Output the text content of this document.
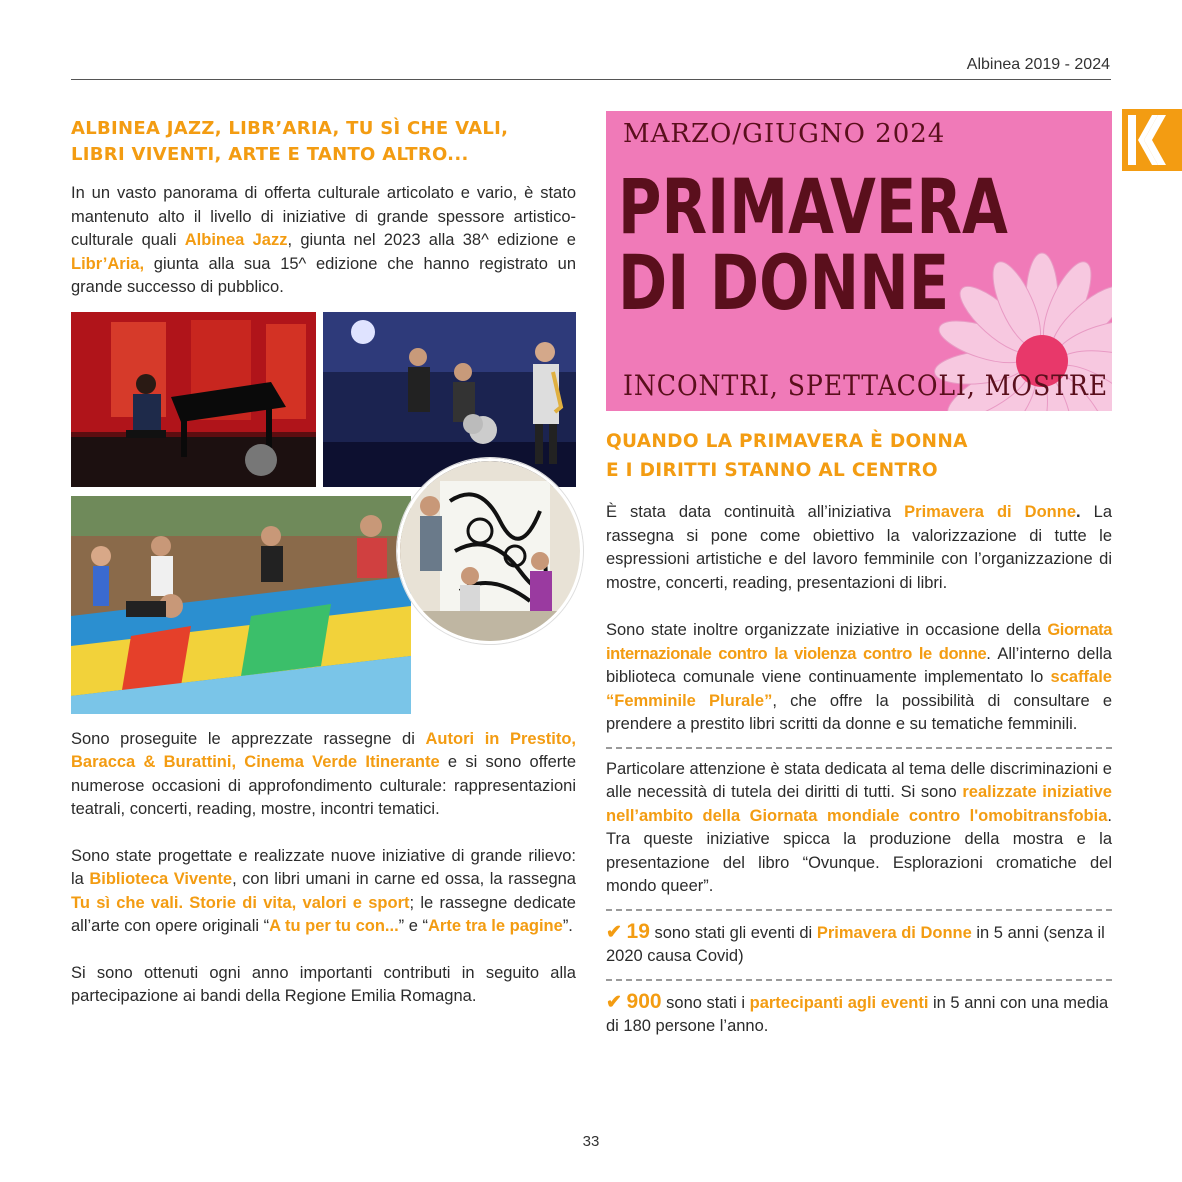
Albinea 2019 - 2024
ALBINEA JAZZ, LIBR’ARIA, TU SÌ CHE VALI,
LIBRI VIVENTI, ARTE E TANTO ALTRO...

In un vasto panorama di offerta culturale articolato e vario, è stato mantenuto alto il livello di iniziative di grande spessore artistico-culturale quali Albinea Jazz, giunta nel 2023 alla 38^ edizione e Libr’Aria, giunta alla sua 15^ edizione che hanno registrato un grande successo di pubblico.

Sono proseguite le apprezzate rassegne di Autori in Prestito, Baracca & Burattini, Cinema Verde Itinerante e si sono offerte numerose occasioni di approfondimento culturale: rappresentazioni teatrali, concerti, reading, mostre, incontri tematici.

Sono state progettate e realizzate nuove iniziative di grande rilievo: la Biblioteca Vivente, con libri umani in carne ed ossa, la rassegna Tu sì che vali. Storie di vita, valori e sport; le rassegne dedicate all’arte con opere originali “A tu per tu con...” e “Arte tra le pagine”.

Si sono ottenuti ogni anno importanti contributi in seguito alla partecipazione ai bandi della Regione Emilia Romagna.

MARZO/GIUGNO 2024
PRIMAVERA
DI DONNE
INCONTRI, SPETTACOLI, MOSTRE
QUANDO LA PRIMAVERA È DONNA
E I DIRITTI STANNO AL CENTRO

È stata data continuità all’iniziativa Primavera di Donne. La rassegna si pone come obiettivo la valorizzazione di tutte le espressioni artistiche e del lavoro femminile con l’organizzazione di mostre, concerti, reading, presentazioni di libri.

Sono state inoltre organizzate iniziative in occasione della Giornata internazionale contro la violenza contro le donne. All’interno della biblioteca comunale viene continuamente implementato lo scaffale “Femminile Plurale”, che offre la possibilità di consultare e prendere a prestito libri scritti da donne e su tematiche femminili.

Particolare attenzione è stata dedicata al tema delle discriminazioni e alle necessità di tutela dei diritti di tutti. Si sono realizzate iniziative nell’ambito della Giornata mondiale contro l'omobitransfobia. Tra queste iniziative spicca la produzione della mostra e la presentazione del libro “Ovunque. Esplorazioni cromatiche del mondo queer”.

✔ 19 sono stati gli eventi di Primavera di Donne in 5 anni (senza il 2020 causa Covid)

✔ 900 sono stati i partecipanti agli eventi in 5 anni con una media di 180 persone l’anno.

33
